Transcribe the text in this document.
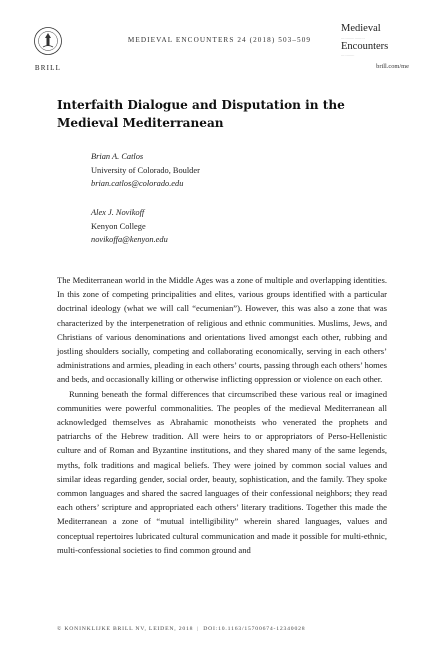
BRILL
MEDIEVAL ENCOUNTERS 24 (2018) 503–509
Medieval
…………………
Encounters
…………
brill.com/me
Interfaith Dialogue and Disputation in the
Medieval Mediterranean
Brian A. Catlos
University of Colorado, Boulder
brian.catlos@colorado.edu
Alex J. Novikoff
Kenyon College
novikoffa@kenyon.edu

The Mediterranean world in the Middle Ages was a zone of multiple and overlapping identities. In this zone of competing principalities and elites, various groups identified with a particular doctrinal ideology (what we will call “ecumenian”). However, this was also a zone that was characterized by the interpenetration of religious and ethnic communities. Muslims, Jews, and Christians of various denominations and orientations lived amongst each other, rubbing and jostling shoulders socially, competing and collaborating economically, serving in each others’ administrations and armies, pleading in each others’ courts, passing through each others’ homes and beds, and occasionally killing or otherwise inflicting oppression or violence on each other.

Running beneath the formal differences that circumscribed these various real or imagined communities were powerful commonalities. The peoples of the medieval Mediterranean all acknowledged themselves as Abrahamic monotheists who venerated the prophets and patriarchs of the Hebrew tradition. All were heirs to or appropriators of Perso-Hellenistic culture and of Roman and Byzantine institutions, and they shared many of the same legends, myths, folk traditions and magical beliefs. They were joined by common social values and similar ideas regarding gender, social order, beauty, sophistication, and the family. They spoke common languages and shared the sacred languages of their confessional neighbors; they read each others’ scripture and appropriated each others’ literary traditions. Together this made the Mediterranean a zone of “mutual intelligibility” wherein shared languages, values and conceptual repertoires lubricated cultural communication and made it possible for multi-ethnic, multi-confessional societies to find common ground and

© KONINKLIJKE BRILL NV, LEIDEN, 2018 | DOI:10.1163/15700674-12340028
